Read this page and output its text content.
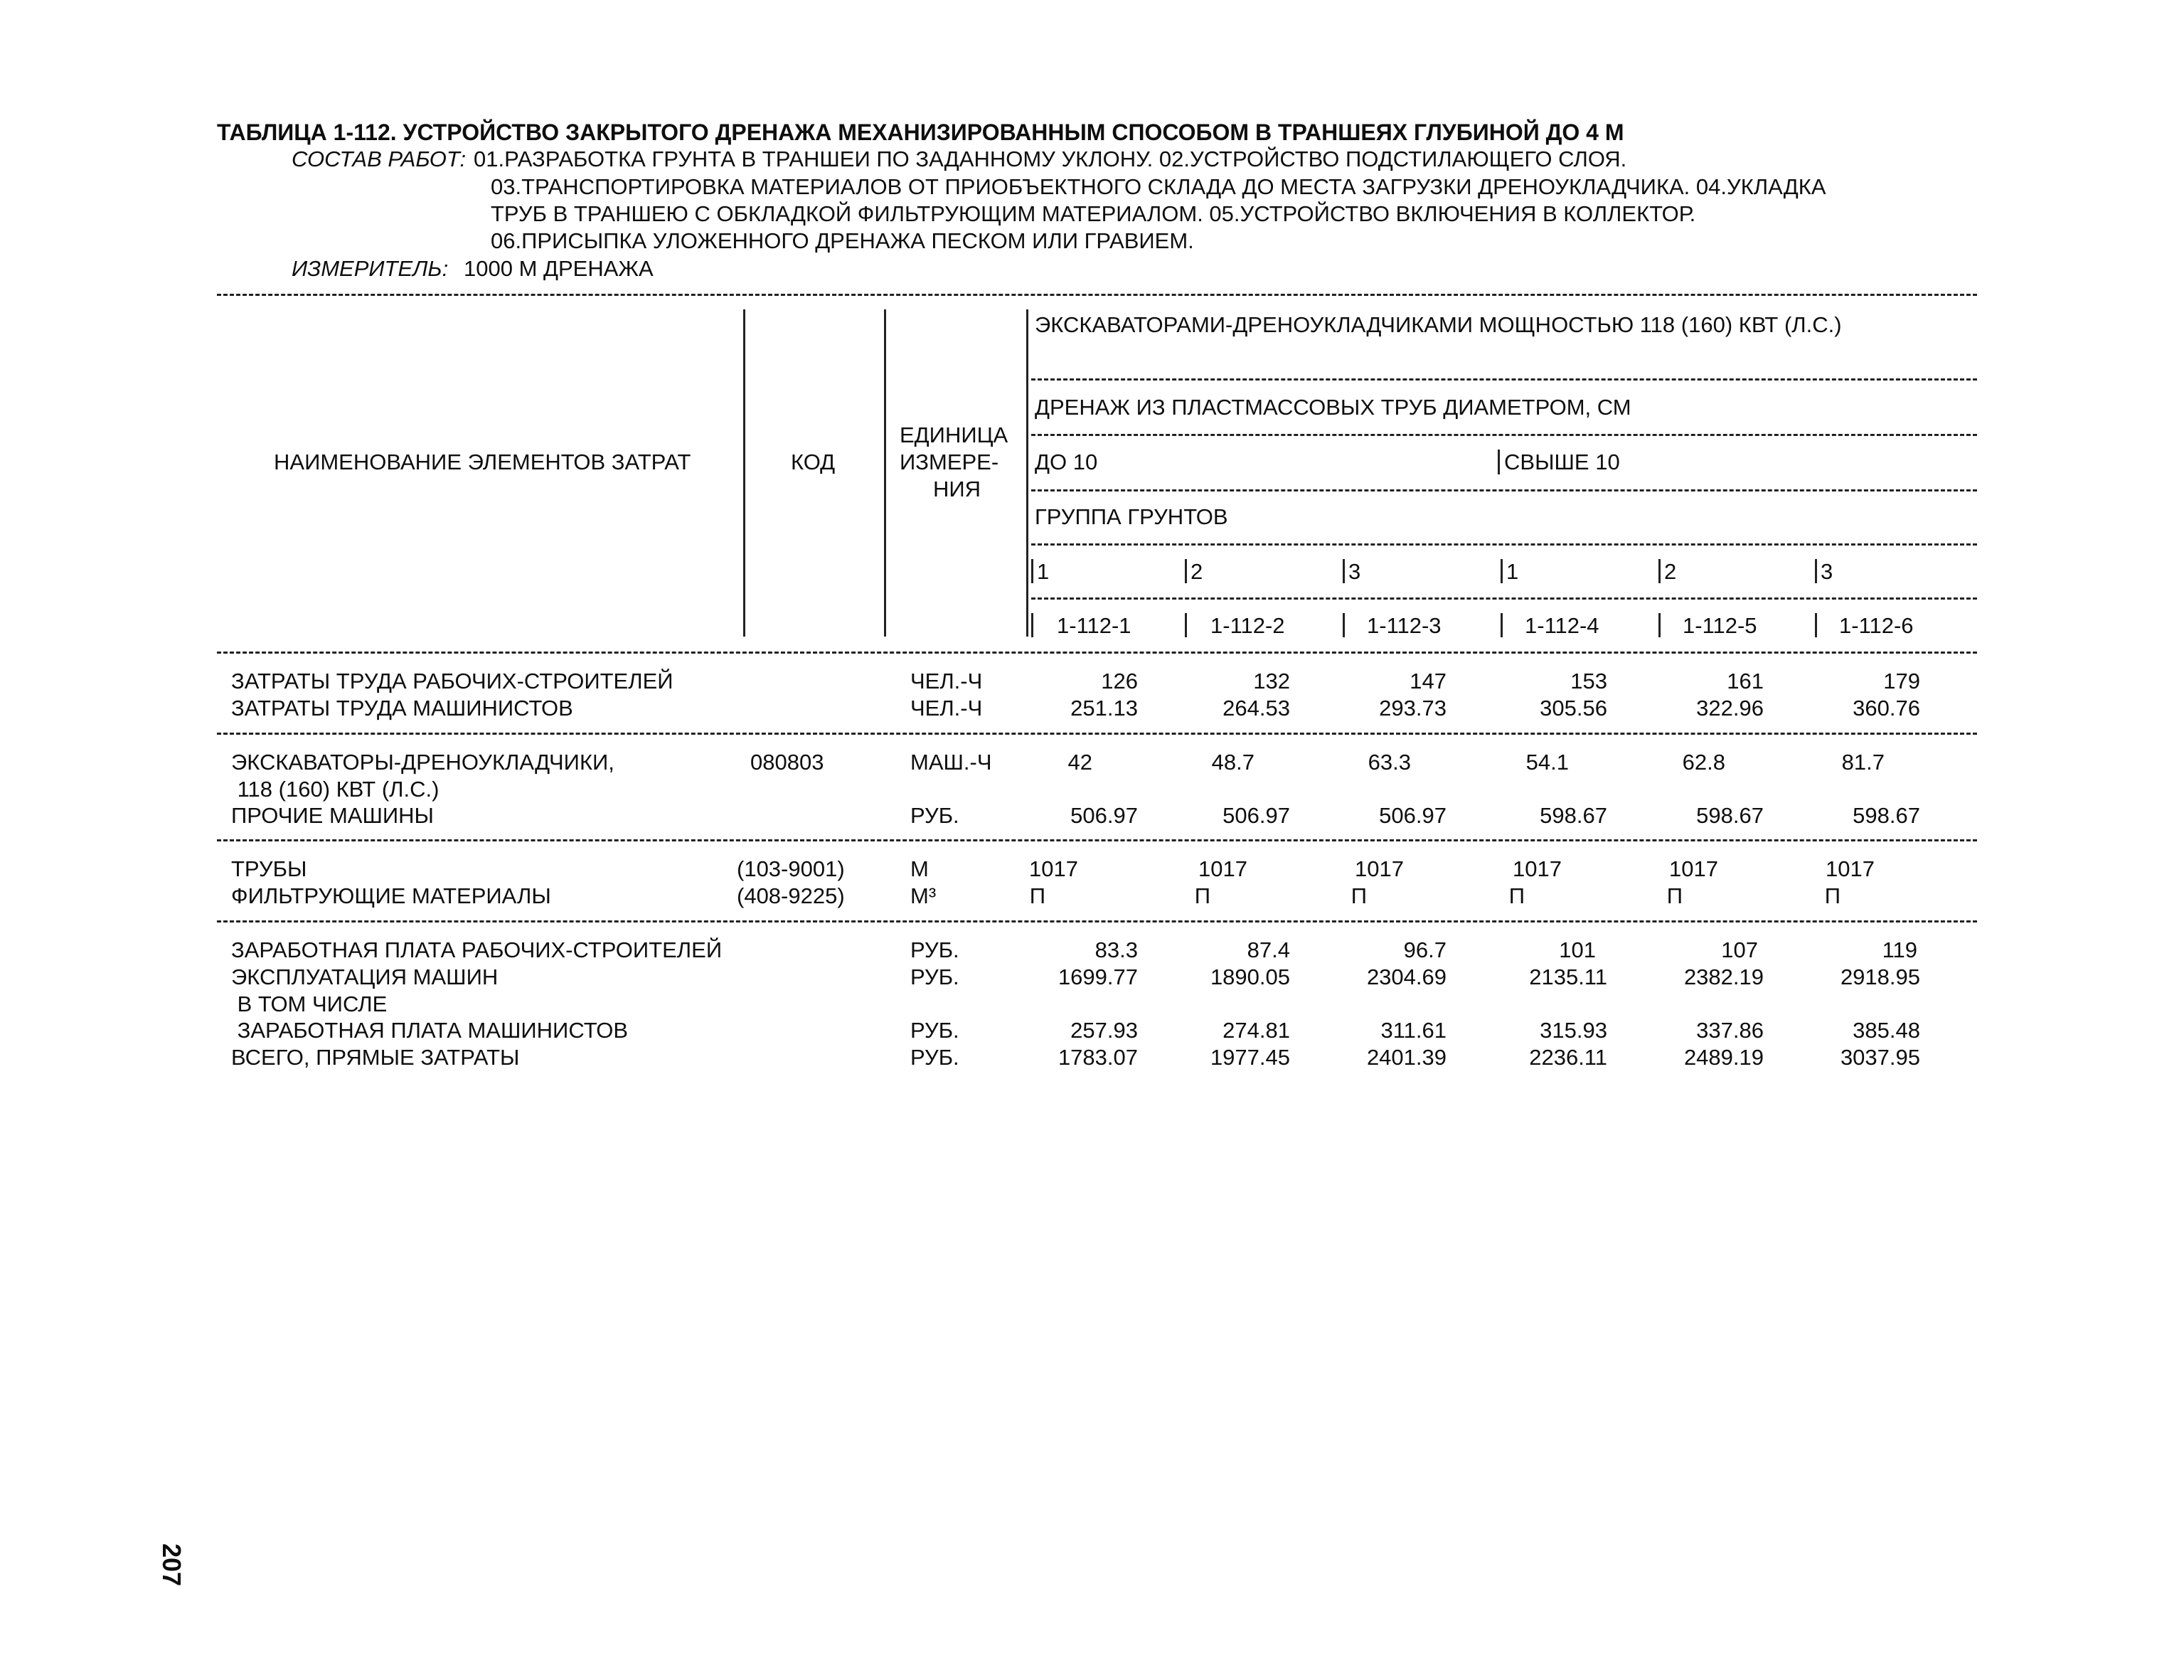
ТАБЛИЦА 1-112. УСТРОЙСТВО ЗАКРЫТОГО ДРЕНАЖА МЕХАНИЗИРОВАННЫМ СПОСОБОМ В ТРАНШЕЯХ ГЛУБИНОЙ ДО 4 М
СОСТАВ РАБОТ: 01.РАЗРАБОТКА ГРУНТА В ТРАНШЕИ ПО ЗАДАННОМУ УКЛОНУ. 02.УСТРОЙСТВО ПОДСТИЛАЮЩЕГО СЛОЯ.
03.ТРАНСПОРТИРОВКА МАТЕРИАЛОВ ОТ ПРИОБЪЕКТНОГО СКЛАДА ДО МЕСТА ЗАГРУЗКИ ДРЕНОУКЛАДЧИКА. 04.УКЛАДКА
ТРУБ В ТРАНШЕЮ С ОБКЛАДКОЙ ФИЛЬТРУЮЩИМ МАТЕРИАЛОМ. 05.УСТРОЙСТВО ВКЛЮЧЕНИЯ В КОЛЛЕКТОР.
06.ПРИСЫПКА УЛОЖЕННОГО ДРЕНАЖА ПЕСКОМ ИЛИ ГРАВИЕМ.
ИЗМЕРИТЕЛЬ: 1000 М ДРЕНАЖА
НАИМЕНОВАНИЕ ЭЛЕМЕНТОВ ЗАТРАТ	КОД
ЕДИНИЦА
ИЗМЕРЕ-
НИЯ
ЭКСКАВАТОРАМИ-ДРЕНОУКЛАДЧИКАМИ МОЩНОСТЬЮ 118 (160) КВТ (Л.С.)
ДРЕНАЖ ИЗ ПЛАСТМАССОВЫХ ТРУБ ДИАМЕТРОМ, СМ
ДО 10	СВЫШЕ 10
ГРУППА ГРУНТОВ
1	2	3	1	2	3
1-112-1	1-112-2	1-112-3	1-112-4	1-112-5	1-112-6
ЗАТРАТЫ ТРУДА РАБОЧИХ-СТРОИТЕЛЕЙ	ЧЕЛ.-Ч	126	132	147	153	161	179
ЗАТРАТЫ ТРУДА МАШИНИСТОВ	ЧЕЛ.-Ч	251.13	264.53	293.73	305.56	322.96	360.76
ЭКСКАВАТОРЫ-ДРЕНОУКЛАДЧИКИ,	080803	МАШ.-Ч	42	48.7	63.3	54.1	62.8	81.7
118 (160) КВТ (Л.С.)
ПРОЧИЕ МАШИНЫ	РУБ.	506.97	506.97	506.97	598.67	598.67	598.67
ТРУБЫ	(103-9001)	М	1017	1017	1017	1017	1017	1017
ФИЛЬТРУЮЩИЕ МАТЕРИАЛЫ	(408-9225)	М³	П	П	П	П	П	П
ЗАРАБОТНАЯ ПЛАТА РАБОЧИХ-СТРОИТЕЛЕЙ	РУБ.	83.3	87.4	96.7	101	107	119
ЭКСПЛУАТАЦИЯ МАШИН	РУБ.	1699.77	1890.05	2304.69	2135.11	2382.19	2918.95
В ТОМ ЧИСЛЕ
ЗАРАБОТНАЯ ПЛАТА МАШИНИСТОВ	РУБ.	257.93	274.81	311.61	315.93	337.86	385.48
ВСЕГО, ПРЯМЫЕ ЗАТРАТЫ	РУБ.	1783.07	1977.45	2401.39	2236.11	2489.19	3037.95
207
